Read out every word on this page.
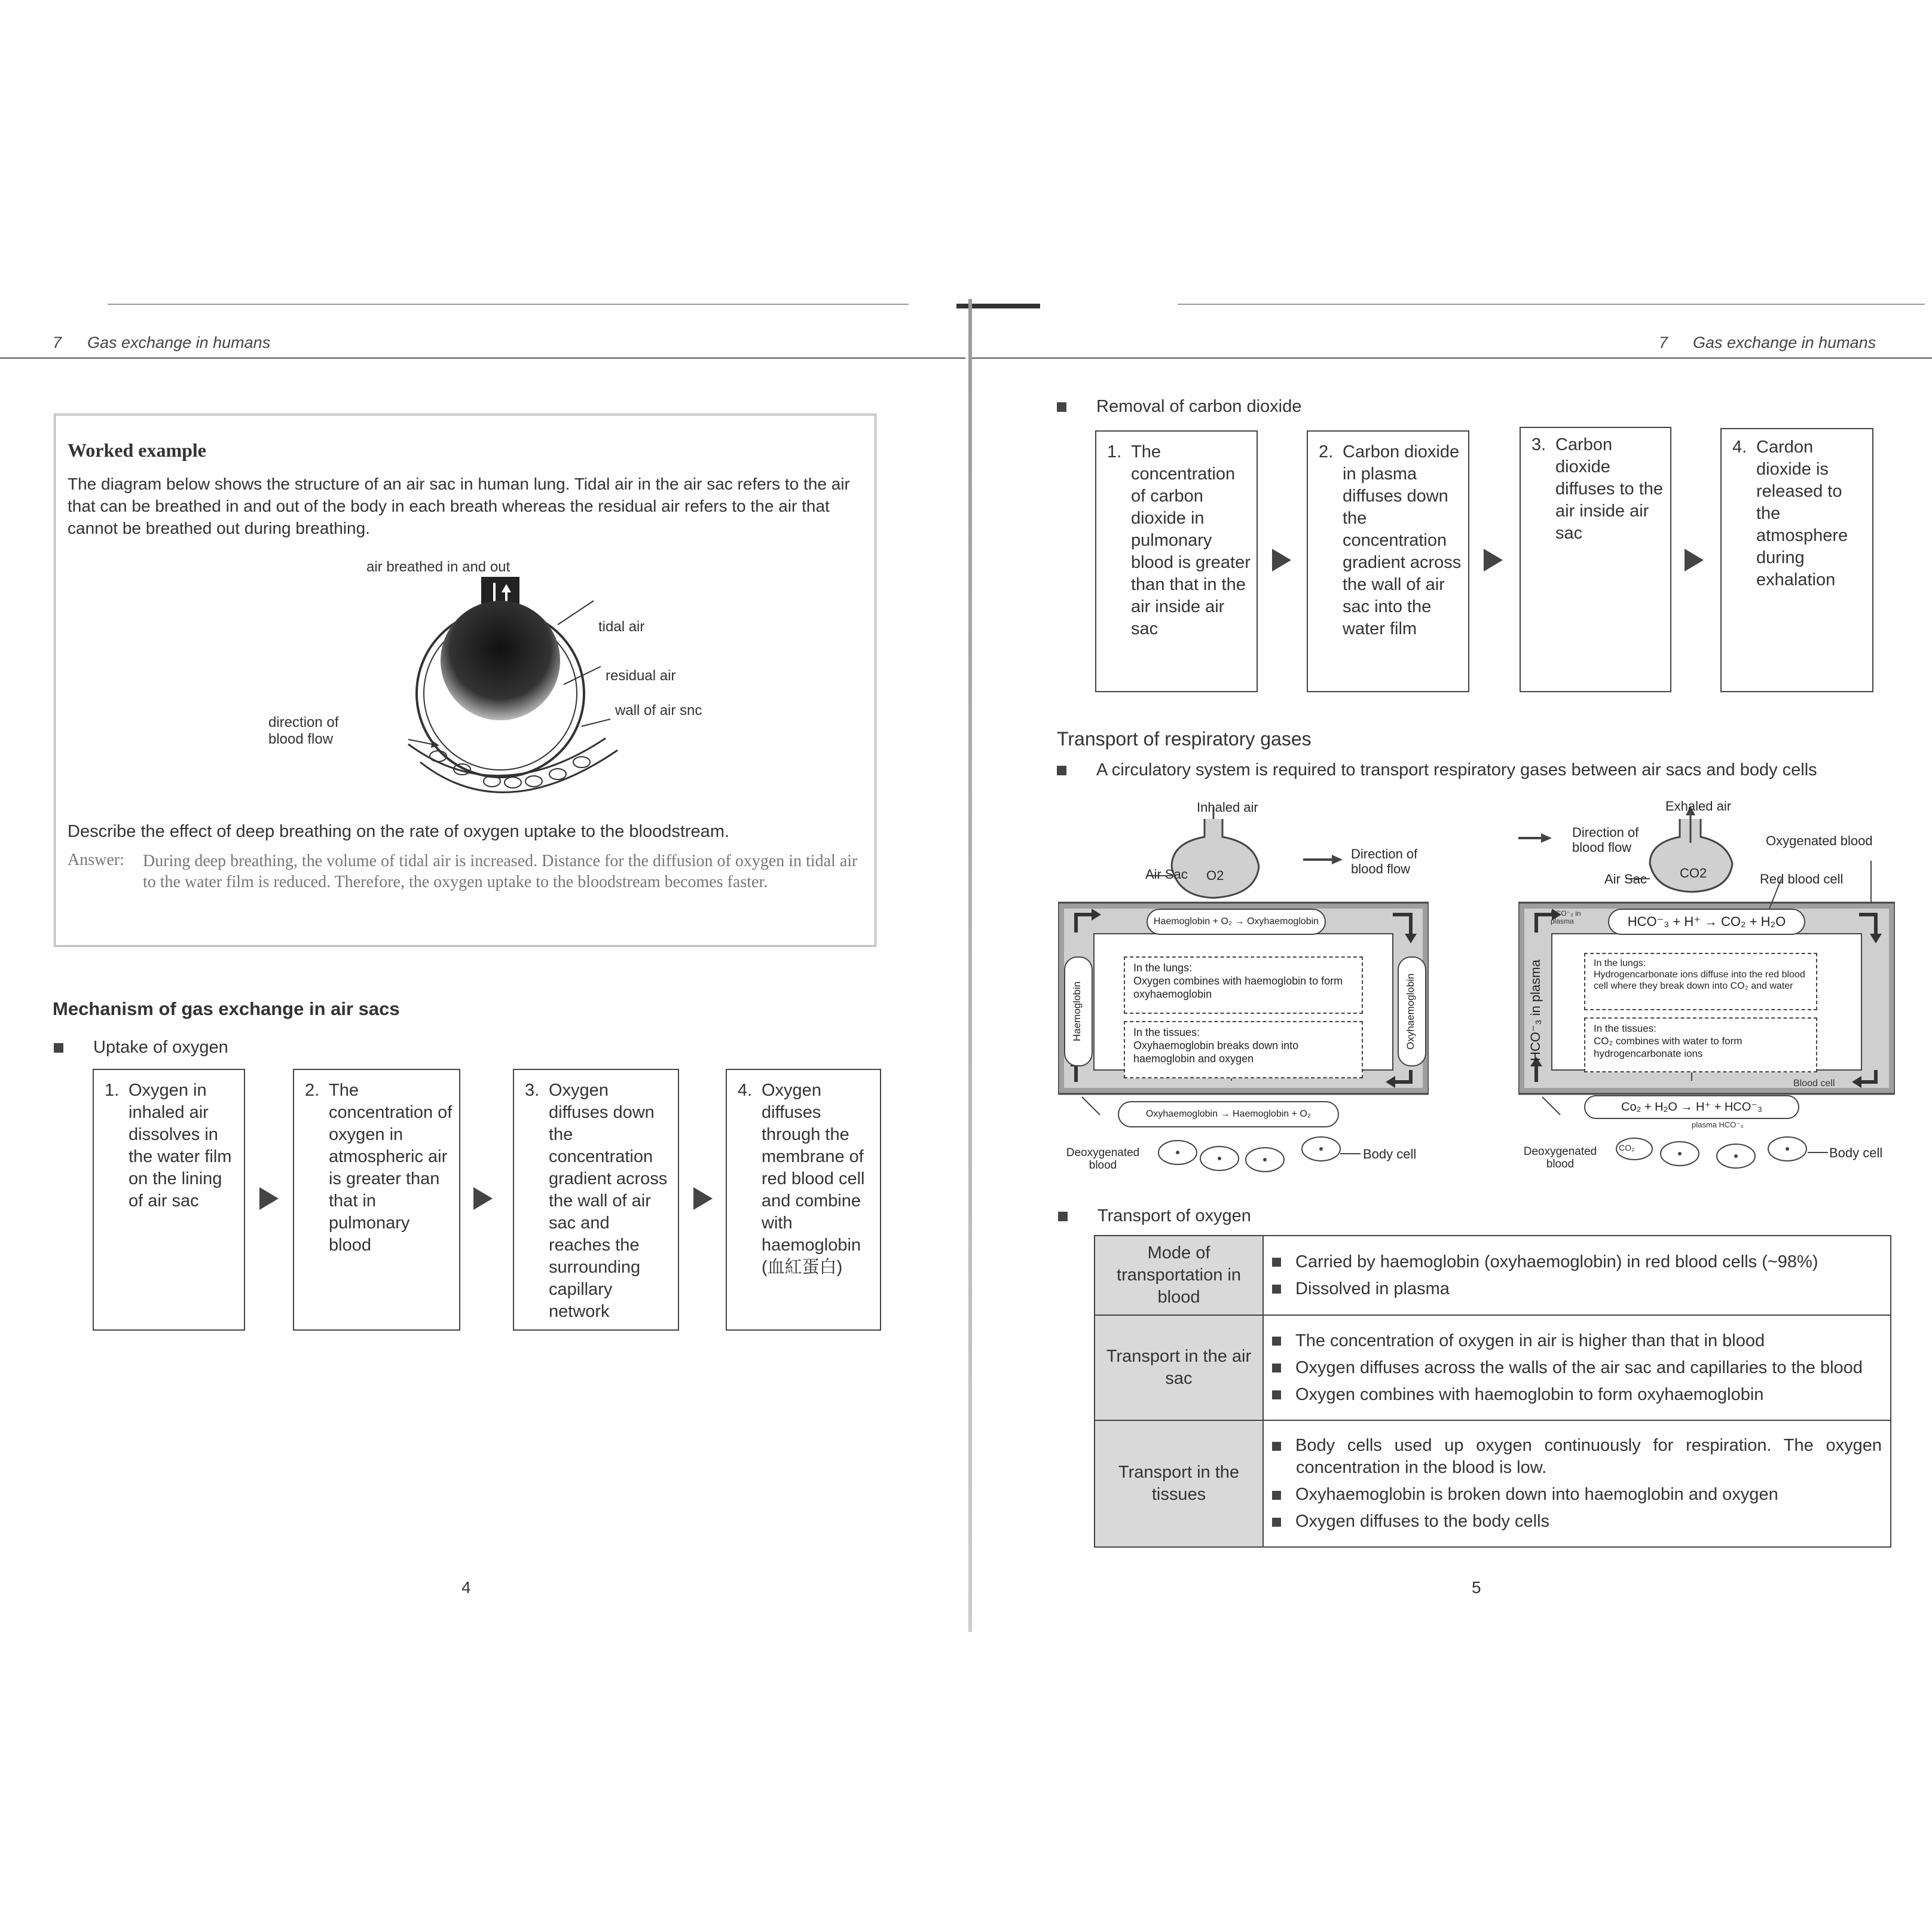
7 Gas exchange in humans	7 Gas exchange in humans
Worked example
The diagram below shows the structure of an air sac in human lung. Tidal air in the air sac refers to the air that can be breathed in and out of the body in each breath whereas the residual air refers to the air that cannot be breathed out during breathing.
air breathed in and out
tidal air
residual air
wall of air snc
direction of blood flow
Describe the effect of deep breathing on the rate of oxygen uptake to the bloodstream.
Answer: During deep breathing, the volume of tidal air is increased. Distance for the diffusion of oxygen in tidal air to the water film is reduced. Therefore, the oxygen uptake to the bloodstream becomes faster.
Mechanism of gas exchange in air sacs
Uptake of oxygen
1. Oxygen in inhaled air dissolves in the water film on the lining of air sac
2. The concentration of oxygen in atmospheric air is greater than that in pulmonary blood
3. Oxygen diffuses down the concentration gradient across the wall of air sac and reaches the surrounding capillary network
4. Oxygen diffuses through the membrane of red blood cell and combine with haemoglobin (血紅蛋白)
4
Removal of carbon dioxide
1. The concentration of carbon dioxide in pulmonary blood is greater than that in the air inside air sac
2. Carbon dioxide in plasma diffuses down the concentration gradient across the wall of air sac into the water film
3. Carbon dioxide diffuses to the air inside air sac
4. Cardon dioxide is released to the atmosphere during exhalation
Transport of respiratory gases
A circulatory system is required to transport respiratory gases between air sacs and body cells
Inhaled air
Air Sac O2
Direction of blood flow
Haemoglobin + O₂ → Oxyhaemoglobin
In the lungs:
Oxygen combines with haemoglobin to form oxyhaemoglobin
In the tissues:
Oxyhaemoglobin breaks down into haemoglobin and oxygen
Oxyhaemoglobin → Haemoglobin + O₂
Haemoglobin	Oxyhaemoglobin
Deoxygenated blood
Body cell
Exhaled air
Direction of blood flow	Oxygenated blood
Air Sac	CO2	Red blood cell
HCO⁻₃ in plasma	HCO⁻₃ + H⁺ → CO₂ + H₂O
In the lungs:
Hydrogencarbonate ions diffuse into the red blood cell where they break down into CO₂ and water
In the tissues:
CO₂ combines with water to form hydrogencarbonate ions
Blood cell
Co₂ + H₂O → H⁺ + HCO⁻₃
plasma HCO⁻₃
HCO⁻₃ in plasma
Deoxygenated blood
CO₂	Body cell
Transport of oxygen
Mode of transportation in blood	Carried by haemoglobin (oxyhaemoglobin) in red blood cells (~98%)
Dissolved in plasma

Transport in the air sac	The concentration of oxygen in air is higher than that in blood
Oxygen diffuses across the walls of the air sac and capillaries to the blood
Oxygen combines with haemoglobin to form oxyhaemoglobin

Transport in the tissues	Body cells used up oxygen continuously for respiration. The oxygen concentration in the blood is low.
Oxyhaemoglobin is broken down into haemoglobin and oxygen
Oxygen diffuses to the body cells
5
